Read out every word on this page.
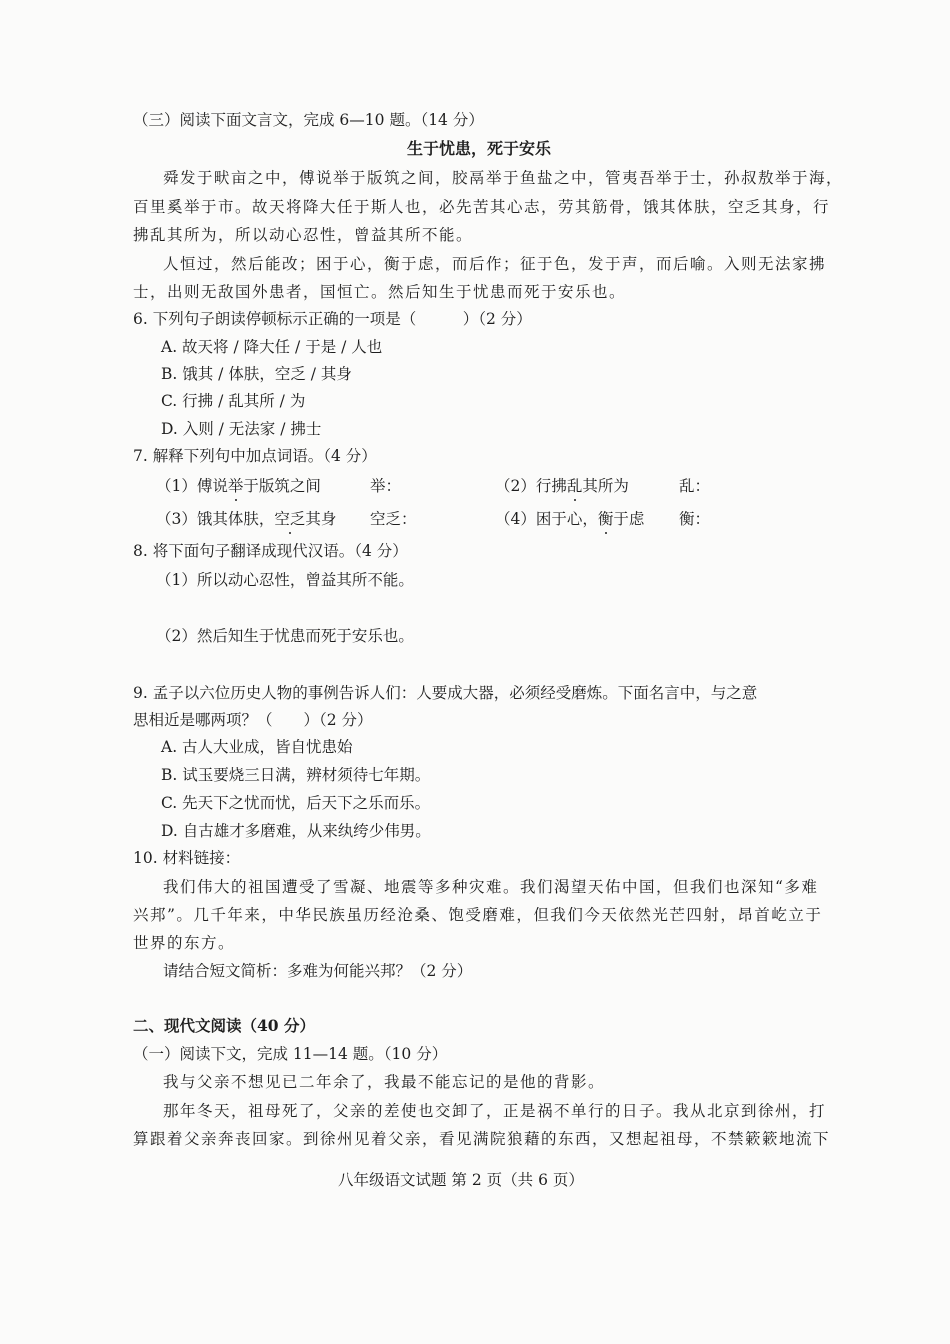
（三）阅读下面文言文，完成 6—10 题。（14 分）
生于忧患，死于安乐
舜发于畎亩之中，傅说举于版筑之间，胶鬲举于鱼盐之中，管夷吾举于士，孙叔敖举于海，
百里奚举于市。故天将降大任于斯人也，必先苦其心志，劳其筋骨，饿其体肤，空乏其身，行
拂乱其所为，所以动心忍性，曾益其所不能。
人恒过，然后能改；困于心，衡于虑，而后作；征于色，发于声，而后喻。入则无法家拂
士，出则无敌国外患者，国恒亡。然后知生于忧患而死于安乐也。
6. 下列句子朗读停顿标示正确的一项是（　　　）（2 分）
A. 故天将 / 降大任 / 于是 / 人也
B. 饿其 / 体肤，空乏 / 其身
C. 行拂 / 乱其所 / 为
D. 入则 / 无法家 / 拂士
7. 解释下列句中加点词语。（4 分）
（1）傅说举于版筑之间	举：	（2）行拂乱其所为	乱：
（3）饿其体肤，空乏其身 空乏：	（4）困于心，衡于虑 衡：
8. 将下面句子翻译成现代汉语。（4 分）
（1）所以动心忍性，曾益其所不能。
（2）然后知生于忧患而死于安乐也。
9. 孟子以六位历史人物的事例告诉人们：人要成大器，必须经受磨炼。下面名言中，与之意
思相近是哪两项？（　　）（2 分）
A. 古人大业成，皆自忧患始
B. 试玉要烧三日满，辨材须待七年期。
C. 先天下之忧而忧，后天下之乐而乐。
D. 自古雄才多磨难，从来纨绔少伟男。
10. 材料链接：
我们伟大的祖国遭受了雪凝、地震等多种灾难。我们渴望天佑中国，但我们也深知“多难
兴邦”。几千年来，中华民族虽历经沧桑、饱受磨难，但我们今天依然光芒四射，昂首屹立于
世界的东方。
请结合短文简析：多难为何能兴邦？（2 分）
二、现代文阅读（40 分）
（一）阅读下文，完成 11—14 题。（10 分）
我与父亲不想见已二年余了，我最不能忘记的是他的背影。
那年冬天，祖母死了，父亲的差使也交卸了，正是祸不单行的日子。我从北京到徐州，打
算跟着父亲奔丧回家。到徐州见着父亲，看见满院狼藉的东西，又想起祖母，不禁簌簌地流下
八年级语文试题 第 2 页（共 6 页）
